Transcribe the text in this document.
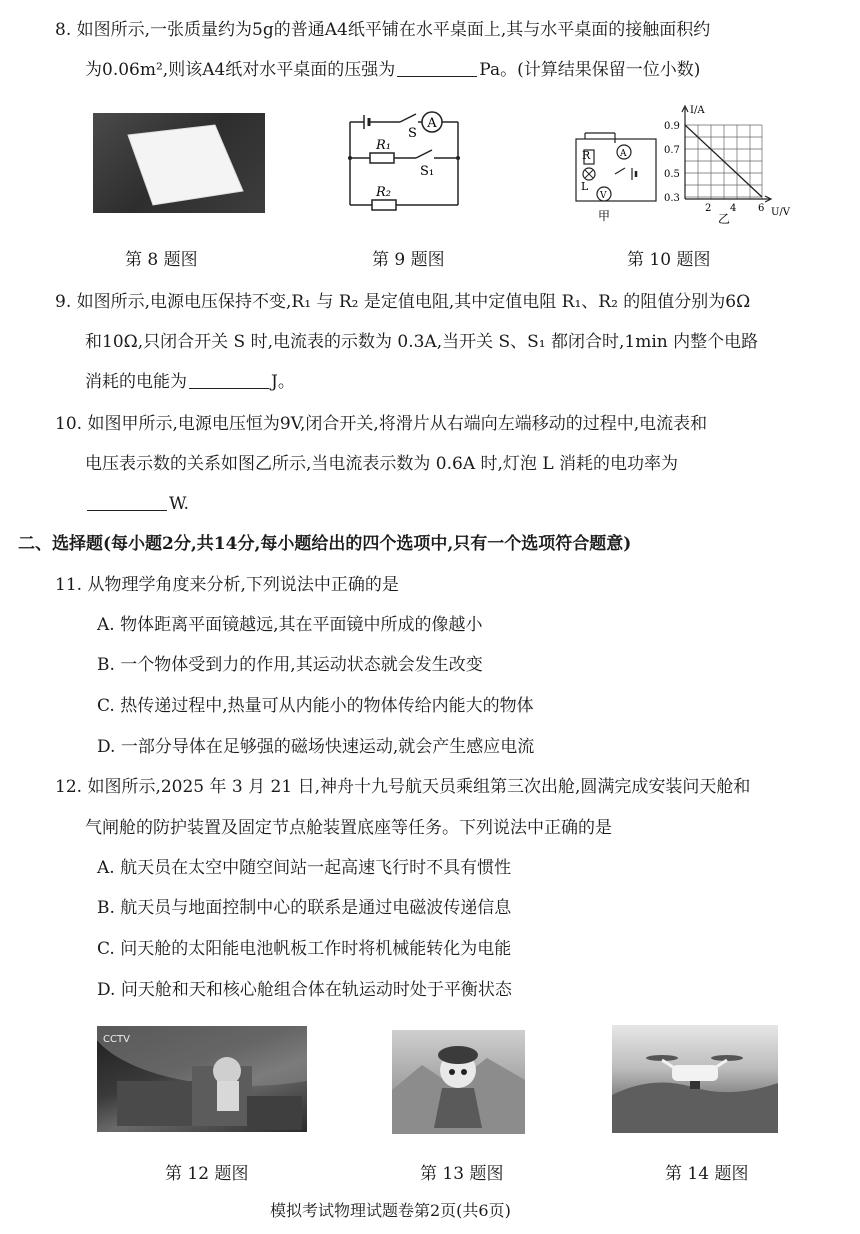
8. 如图所示,一张质量约为5g的普通A4纸平铺在水平桌面上,其与水平桌面的接触面积约
为0.06m²,则该A4纸对水平桌面的压强为	Pa。(计算结果保留一位小数)
第 8 题图
A
S
R₁
S₁
R₂
第 9 题图
R	A
L
V
甲
I/A
U/V
0.9
0.7
0.5
0.3
2 4 6
乙
第 10 题图
9. 如图所示,电源电压保持不变,R₁ 与 R₂ 是定值电阻,其中定值电阻 R₁、R₂ 的阻值分别为6Ω
和10Ω,只闭合开关 S 时,电流表的示数为 0.3A,当开关 S、S₁ 都闭合时,1min 内整个电路
消耗的电能为	J。
10. 如图甲所示,电源电压恒为9V,闭合开关,将滑片从右端向左端移动的过程中,电流表和
电压表示数的关系如图乙所示,当电流表示数为 0.6A 时,灯泡 L 消耗的电功率为
W.
二、选择题(每小题2分,共14分,每小题给出的四个选项中,只有一个选项符合题意)
11. 从物理学角度来分析,下列说法中正确的是
A. 物体距离平面镜越远,其在平面镜中所成的像越小
B. 一个物体受到力的作用,其运动状态就会发生改变
C. 热传递过程中,热量可从内能小的物体传给内能大的物体
D. 一部分导体在足够强的磁场快速运动,就会产生感应电流
12. 如图所示,2025 年 3 月 21 日,神舟十九号航天员乘组第三次出舱,圆满完成安装问天舱和
气闸舱的防护装置及固定节点舱装置底座等任务。下列说法中正确的是
A. 航天员在太空中随空间站一起高速飞行时不具有惯性
B. 航天员与地面控制中心的联系是通过电磁波传递信息
C. 问天舱的太阳能电池帆板工作时将机械能转化为电能
D. 问天舱和天和核心舱组合体在轨运动时处于平衡状态
CCTV
第 12 题图	第 13 题图	第 14 题图
模拟考试物理试题卷第2页(共6页)
